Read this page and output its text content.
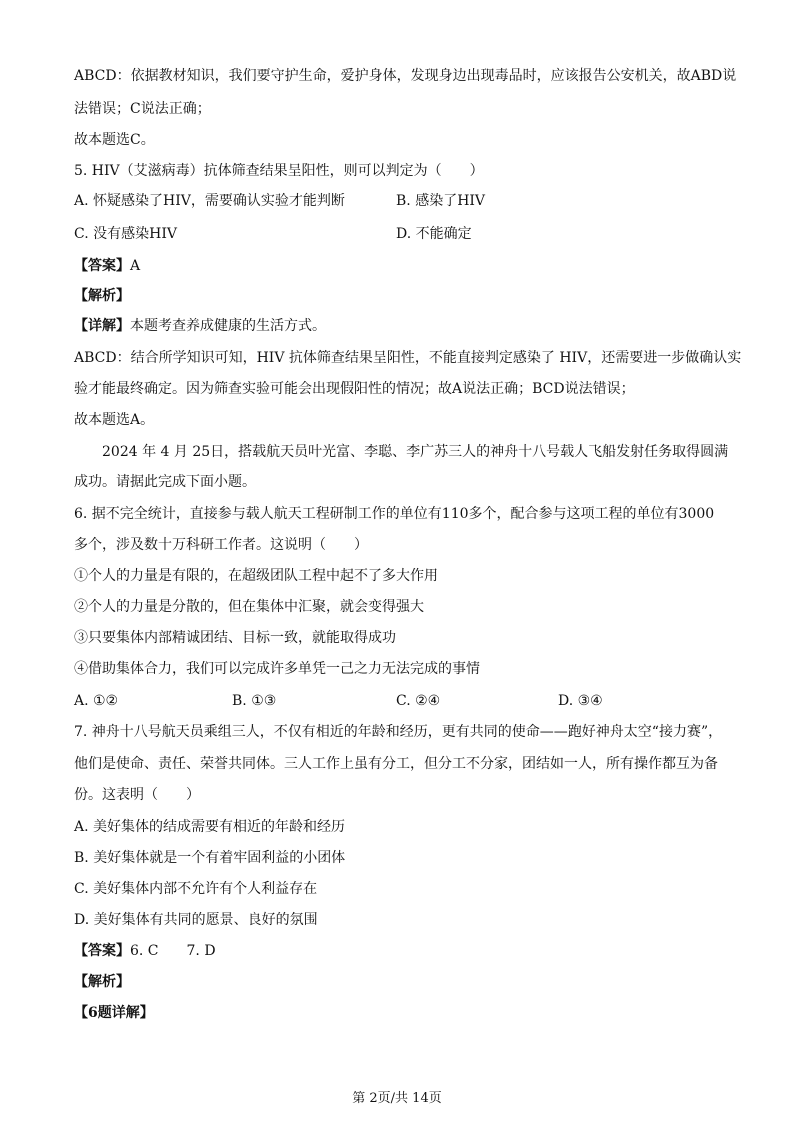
ABCD：依据教材知识，我们要守护生命，爱护身体，发现身边出现毒品时，应该报告公安机关，故ABD说
法错误；C说法正确；
故本题选C。
5. HIV（艾滋病毒）抗体筛查结果呈阳性，则可以判定为（　　）
A. 怀疑感染了HIV，需要确认实验才能判断	B. 感染了HIV
C. 没有感染HIV	D. 不能确定
【答案】A
【解析】
【详解】本题考查养成健康的生活方式。
ABCD：结合所学知识可知，HIV 抗体筛查结果呈阳性，不能直接判定感染了 HIV，还需要进一步做确认实
验才能最终确定。因为筛查实验可能会出现假阳性的情况；故A说法正确；BCD说法错误；
故本题选A。
2024 年 4 月 25日，搭载航天员叶光富、李聪、李广苏三人的神舟十八号载人飞船发射任务取得圆满
成功。请据此完成下面小题。
6. 据不完全统计，直接参与载人航天工程研制工作的单位有110多个，配合参与这项工程的单位有3000
多个，涉及数十万科研工作者。这说明（　　）
①个人的力量是有限的，在超级团队工程中起不了多大作用
②个人的力量是分散的，但在集体中汇聚，就会变得强大
③只要集体内部精诚团结、目标一致，就能取得成功
④借助集体合力，我们可以完成许多单凭一己之力无法完成的事情
A. ①②	B. ①③	C. ②④	D. ③④
7. 神舟十八号航天员乘组三人，不仅有相近的年龄和经历，更有共同的使命——跑好神舟太空“接力赛”，
他们是使命、责任、荣誉共同体。三人工作上虽有分工，但分工不分家，团结如一人，所有操作都互为备
份。这表明（　　）
A. 美好集体的结成需要有相近的年龄和经历
B. 美好集体就是一个有着牢固利益的小团体
C. 美好集体内部不允许有个人利益存在
D. 美好集体有共同的愿景、良好的氛围
【答案】6. C　　7. D
【解析】
【6题详解】
第 2页/共 14页
